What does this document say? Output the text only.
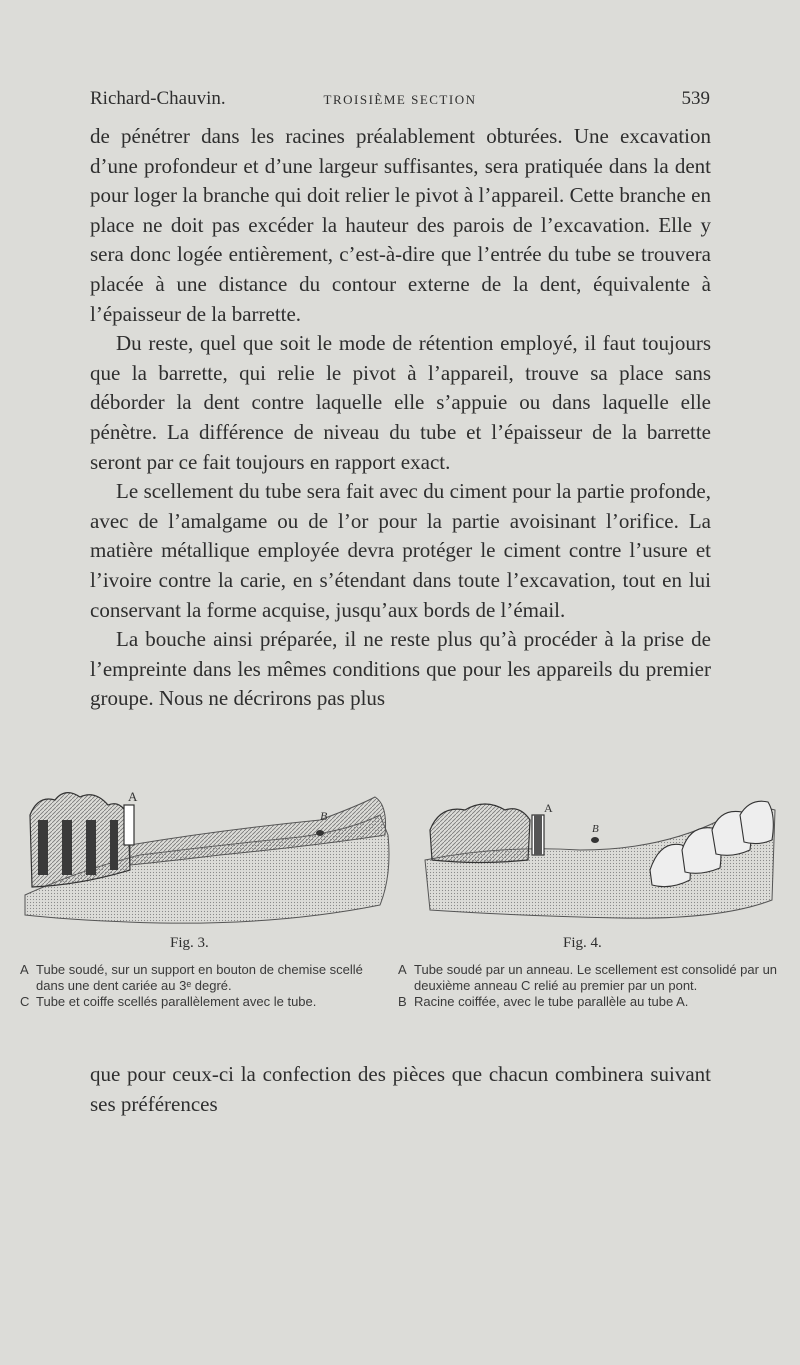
Richard-Chauvin.	TROISIÈME SECTION	539

de pénétrer dans les racines préalablement obturées. Une excavation d’une profondeur et d’une largeur suffisantes, sera pratiquée dans la dent pour loger la branche qui doit relier le pivot à l’appareil. Cette branche en place ne doit pas excéder la hauteur des parois de l’excavation. Elle y sera donc logée entièrement, c’est-à-dire que l’entrée du tube se trouvera placée à une distance du contour externe de la dent, équivalente à l’épaisseur de la barrette.

Du reste, quel que soit le mode de rétention employé, il faut toujours que la barrette, qui relie le pivot à l’appareil, trouve sa place sans déborder la dent contre laquelle elle s’appuie ou dans laquelle elle pénètre. La différence de niveau du tube et l’épaisseur de la barrette seront par ce fait toujours en rapport exact.

Le scellement du tube sera fait avec du ciment pour la partie profonde, avec de l’amalgame ou de l’or pour la partie avoisinant l’orifice. La matière métallique employée devra protéger le ciment contre l’usure et l’ivoire contre la carie, en s’étendant dans toute l’excavation, tout en lui conservant la forme acquise, jusqu’aux bords de l’émail.

La bouche ainsi préparée, il ne reste plus qu’à procéder à la prise de l’empreinte dans les mêmes conditions que pour les appareils du premier groupe. Nous ne décrirons pas plus

A
B
A
B
Fig. 3.	Fig. 4.
A Tube soudé, sur un support en bouton de chemise scellé dans une dent cariée au 3ᵉ degré.
C Tube et coiffe scellés parallèlement avec le tube.
A Tube soudé par un anneau. Le scellement est consolidé par un deuxième anneau C relié au premier par un pont.
B Racine coiffée, avec le tube parallèle au tube A.

que pour ceux-ci la confection des pièces que chacun combinera suivant ses préférences
